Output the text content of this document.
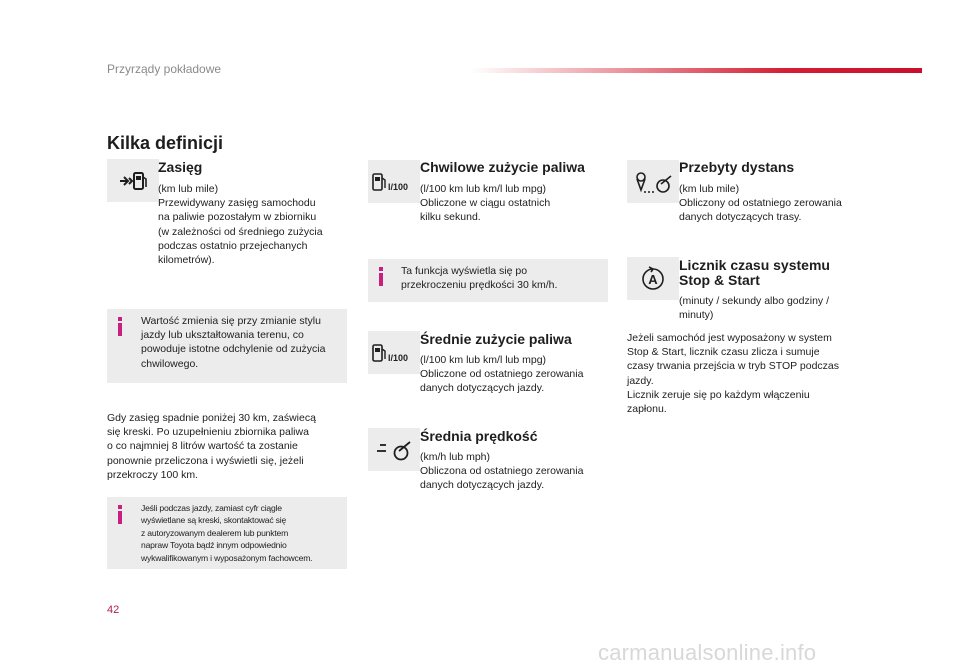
Przyrządy pokładowe
Kilka definicji
Zasięg
(km lub mile)
Przewidywany zasięg samochodu
na paliwie pozostałym w zbiorniku
(w zależności od średniego zużycia
podczas ostatnio przejechanych
kilometrów).
Wartość zmienia się przy zmianie stylu
jazdy lub ukształtowania terenu, co
powoduje istotne odchylenie od zużycia
chwilowego.
Gdy zasięg spadnie poniżej 30 km, zaświecą
się kreski. Po uzupełnieniu zbiornika paliwa
o co najmniej 8 litrów wartość ta zostanie
ponownie przeliczona i wyświetli się, jeżeli
przekroczy 100 km.
Jeśli podczas jazdy, zamiast cyfr ciągle
wyświetlane są kreski, skontaktować się
z autoryzowanym dealerem lub punktem
napraw Toyota bądź innym odpowiednio
wykwalifikowanym i wyposażonym fachowcem.
l/100
Chwilowe zużycie paliwa
(l/100 km lub km/l lub mpg)
Obliczone w ciągu ostatnich
kilku sekund.
Ta funkcja wyświetla się po
przekroczeniu prędkości 30 km/h.
l/100
Średnie zużycie paliwa
(l/100 km lub km/l lub mpg)
Obliczone od ostatniego zerowania
danych dotyczących jazdy.
Średnia prędkość
(km/h lub mph)
Obliczona od ostatniego zerowania
danych dotyczących jazdy.
Przebyty dystans
(km lub mile)
Obliczony od ostatniego zerowania
danych dotyczących trasy.
A
Licznik czasu systemu
Stop & Start
(minuty / sekundy albo godziny /
minuty)
Jeżeli samochód jest wyposażony w system
Stop & Start, licznik czasu zlicza i sumuje
czasy trwania przejścia w tryb STOP podczas
jazdy.
Licznik zeruje się po każdym włączeniu
zapłonu.
42
carmanualsonline.info
